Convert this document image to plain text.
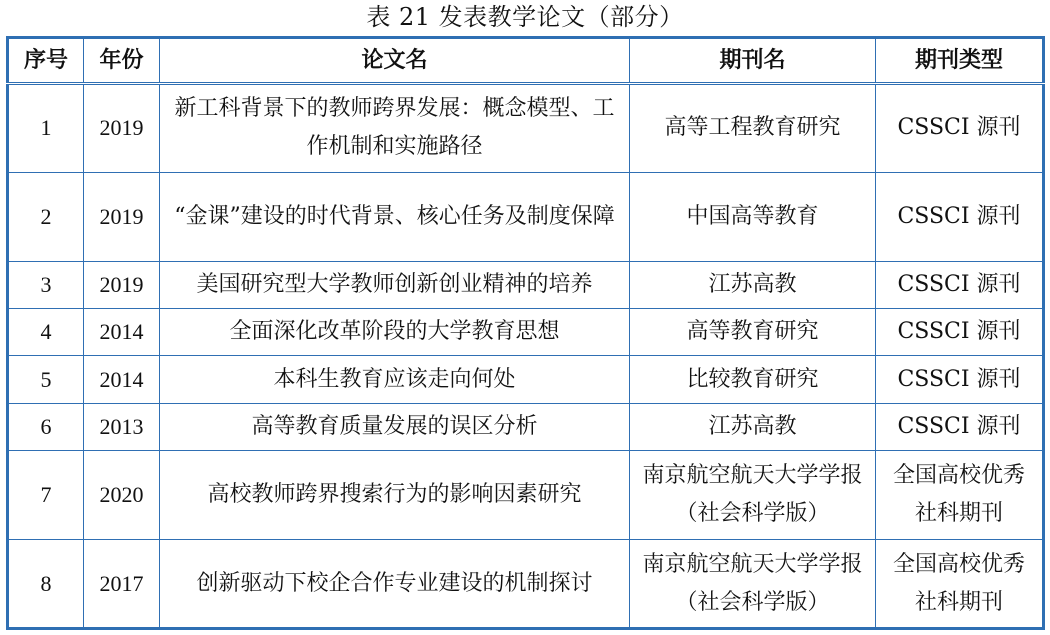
表 21 发表教学论文（部分）
序号	年份	论文名	期刊名	期刊类型
1	2019	新工科背景下的教师跨界发展：概念模型、工作机制和实施路径	高等工程教育研究	CSSCI 源刊
2	2019	“金课”建设的时代背景、核心任务及制度保障	中国高等教育	CSSCI 源刊
3	2019	美国研究型大学教师创新创业精神的培养	江苏高教	CSSCI 源刊
4	2014	全面深化改革阶段的大学教育思想	高等教育研究	CSSCI 源刊
5	2014	本科生教育应该走向何处	比较教育研究	CSSCI 源刊
6	2013	高等教育质量发展的误区分析	江苏高教	CSSCI 源刊
7	2020	高校教师跨界搜索行为的影响因素研究	南京航空航天大学学报（社会科学版）	全国高校优秀社科期刊
8	2017	创新驱动下校企合作专业建设的机制探讨	南京航空航天大学学报（社会科学版）	全国高校优秀社科期刊
